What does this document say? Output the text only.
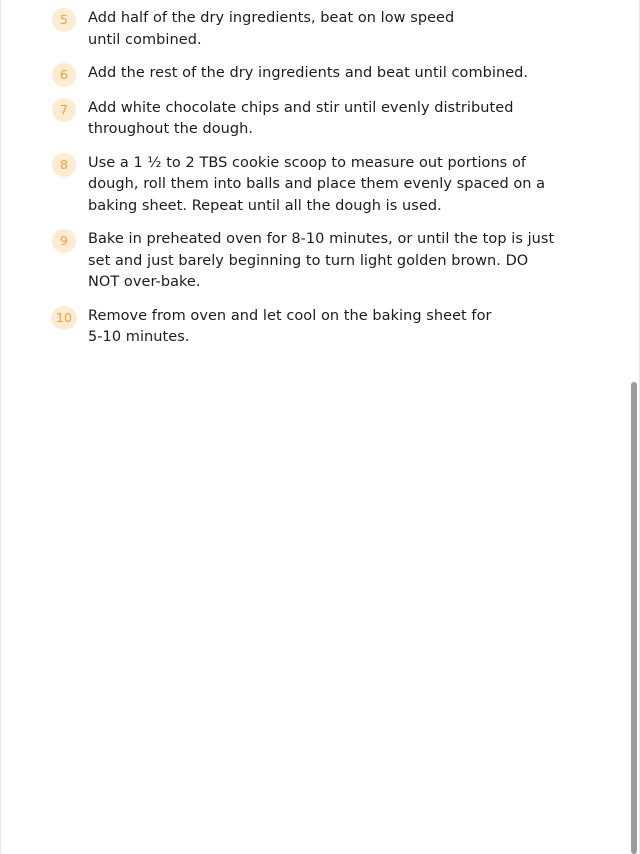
5	Add half of the dry ingredients, beat on low speed until combined.
6	Add the rest of the dry ingredients and beat until combined.
7	Add white chocolate chips and stir until evenly distributed throughout the dough.
8	Use a 1 ½ to 2 TBS cookie scoop to measure out portions of dough, roll them into balls and place them evenly spaced on a baking sheet. Repeat until all the dough is used.
9	Bake in preheated oven for 8-10 minutes, or until the top is just set and just barely beginning to turn light golden brown. DO NOT over-bake.
10	Remove from oven and let cool on the baking sheet for 5-10 minutes.
